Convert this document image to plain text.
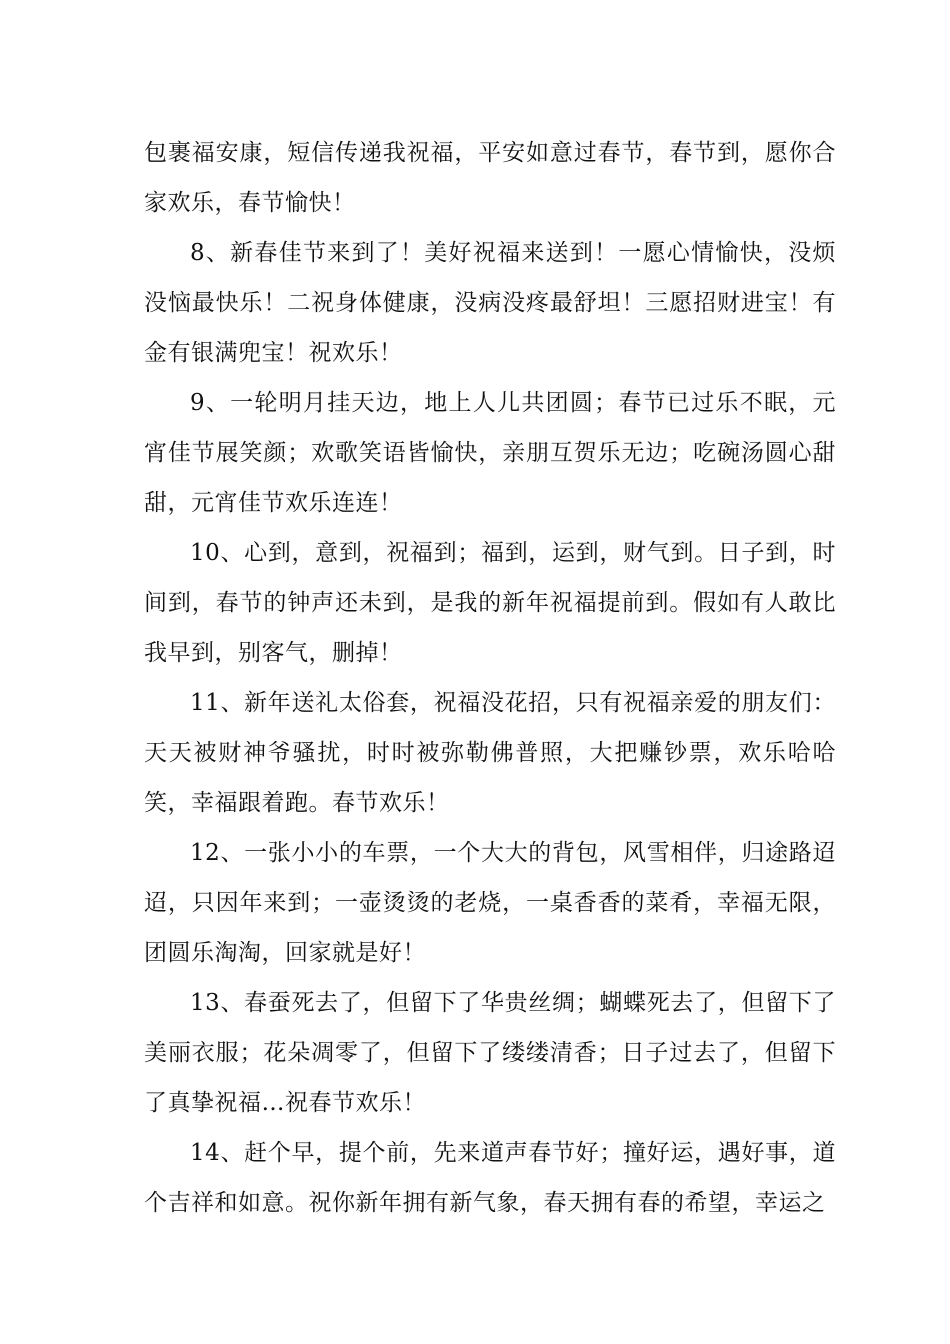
包裹福安康，短信传递我祝福，平安如意过春节，春节到，愿你合家欢乐，春节愉快！

8、新春佳节来到了！美好祝福来送到！一愿心情愉快，没烦没恼最快乐！二祝身体健康，没病没疼最舒坦！三愿招财进宝！有金有银满兜宝！祝欢乐！

9、一轮明月挂天边，地上人儿共团圆；春节已过乐不眠，元宵佳节展笑颜；欢歌笑语皆愉快，亲朋互贺乐无边；吃碗汤圆心甜甜，元宵佳节欢乐连连！

10、心到，意到，祝福到；福到，运到，财气到。日子到，时间到，春节的钟声还未到，是我的新年祝福提前到。假如有人敢比我早到，别客气，删掉！

11、新年送礼太俗套，祝福没花招，只有祝福亲爱的朋友们：天天被财神爷骚扰，时时被弥勒佛普照，大把赚钞票，欢乐哈哈笑，幸福跟着跑。春节欢乐！

12、一张小小的车票，一个大大的背包，风雪相伴，归途路迢迢，只因年来到；一壶烫烫的老烧，一桌香香的菜肴，幸福无限，团圆乐淘淘，回家就是好！

13、春蚕死去了，但留下了华贵丝绸；蝴蝶死去了，但留下了美丽衣服；花朵凋零了，但留下了缕缕清香；日子过去了，但留下了真挚祝福…祝春节欢乐！

14、赶个早，提个前，先来道声春节好；撞好运，遇好事，道个吉祥和如意。祝你新年拥有新气象，春天拥有春的希望，幸运之
